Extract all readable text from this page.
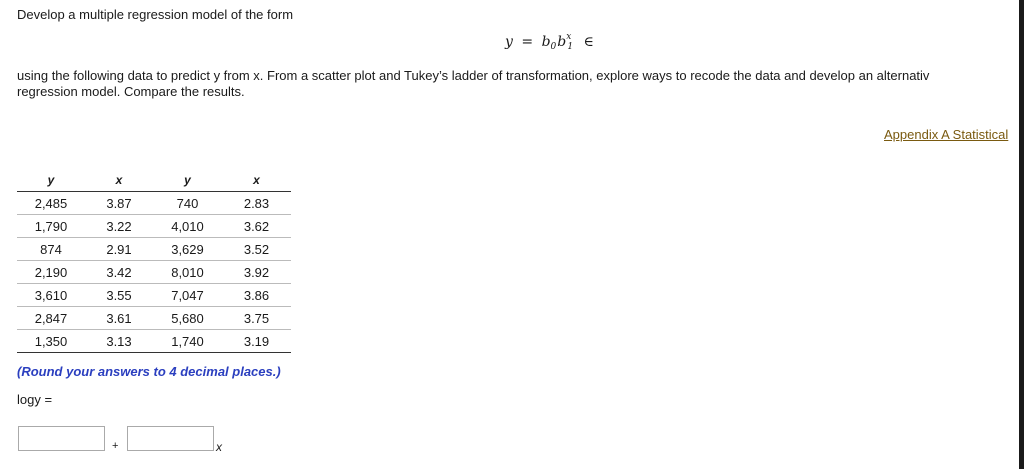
Develop a multiple regression model of the form
$y = b_0b^x_1$ ∈
using the following data to predict y from x. From a scatter plot and Tukey’s ladder of transformation, explore ways to recode the data and develop an alternativ
regression model. Compare the results.
Appendix A Statistical
y	x	y	x
2,485	3.87	740	2.83
1,790	3.22	4,010	3.62
874	2.91	3,629	3.52
2,190	3.42	8,010	3.92
3,610	3.55	7,047	3.86
2,847	3.61	5,680	3.75
1,350	3.13	1,740	3.19
(Round your answers to 4 decimal places.)
logy =
+	x
